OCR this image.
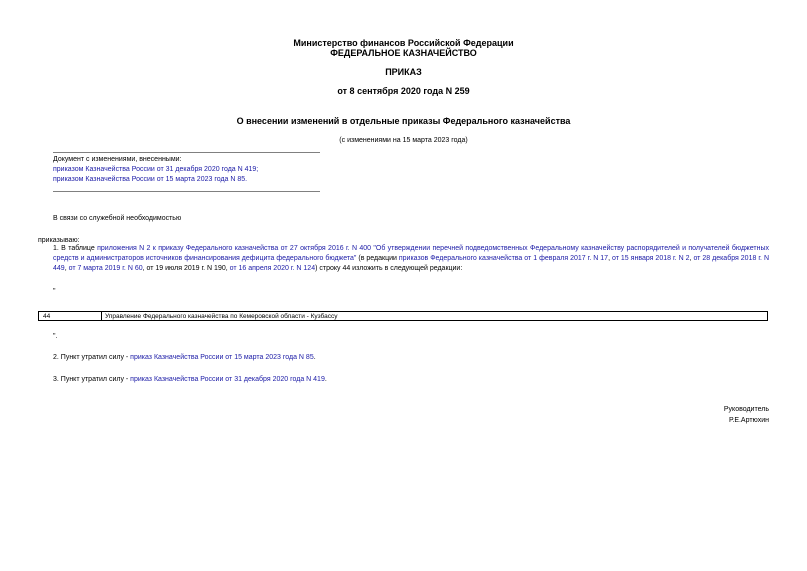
Министерство финансов Российской Федерации
ФЕДЕРАЛЬНОЕ КАЗНАЧЕЙСТВО
ПРИКАЗ
от 8 сентября 2020 года N 259
О внесении изменений в отдельные приказы Федерального казначейства
(с изменениями на 15 марта 2023 года)
Документ с изменениями, внесенными:
приказом Казначейства России от 31 декабря 2020 года N 419;
приказом Казначейства России от 15 марта 2023 года N 85.
В связи со служебной необходимостью
приказываю:
1. В таблице приложения N 2 к приказу Федерального казначейства от 27 октября 2016 г. N 400 "Об утверждении перечней подведомственных Федеральному казначейству распорядителей и получателей бюджетных средств и администраторов источников финансирования дефицита федерального бюджета" (в редакции приказов Федерального казначейства от 1 февраля 2017 г. N 17, от 15 января 2018 г. N 2, от 28 декабря 2018 г. N 449, от 7 марта 2019 г. N 60, от 19 июля 2019 г. N 190, от 16 апреля 2020 г. N 124) строку 44 изложить в следующей редакции:
"
44	Управление Федерального казначейства по Кемеровской области - Кузбассу
".
2. Пункт утратил силу - приказ Казначейства России от 15 марта 2023 года N 85.
3. Пункт утратил силу - приказ Казначейства России от 31 декабря 2020 года N 419.
Руководитель
Р.Е.Артюхин
